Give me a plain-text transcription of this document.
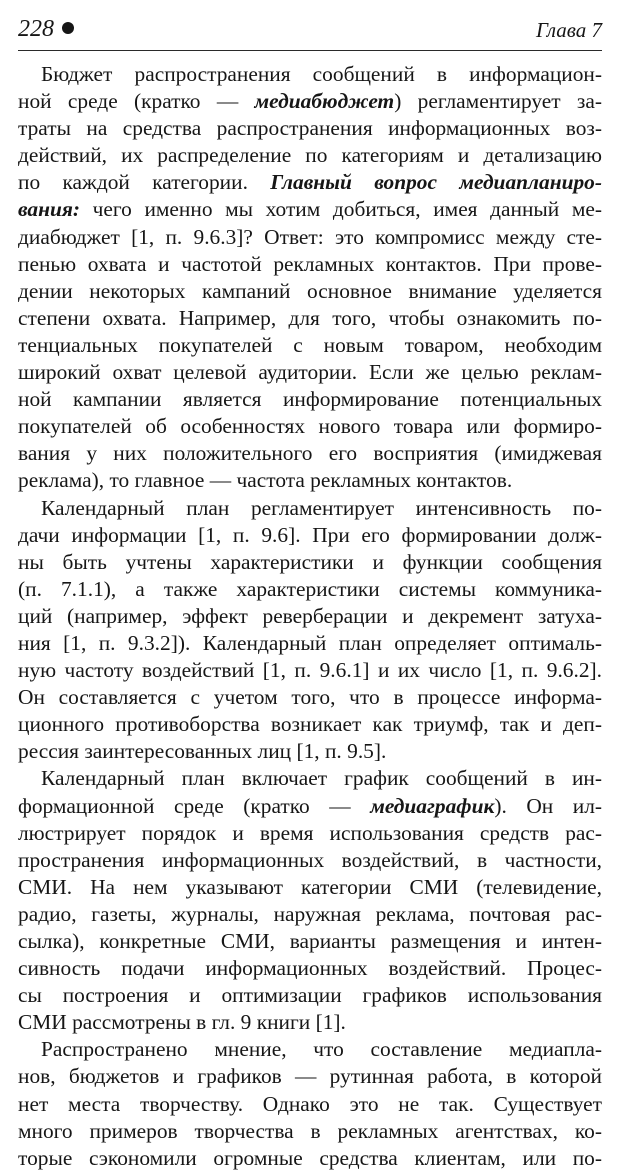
228	Глава 7
Бюджет распространения сообщений в информацион-
ной среде (кратко — медиабюджет) регламентирует за-
траты на средства распространения информационных воз-
действий, их распределение по категориям и детализацию
по каждой категории. Главный вопрос медиапланиро-
вания: чего именно мы хотим добиться, имея данный ме-
диабюджет [1, п. 9.6.3]? Ответ: это компромисс между сте-
пенью охвата и частотой рекламных контактов. При прове-
дении некоторых кампаний основное внимание уделяется
степени охвата. Например, для того, чтобы ознакомить по-
тенциальных покупателей с новым товаром, необходим
широкий охват целевой аудитории. Если же целью реклам-
ной кампании является информирование потенциальных
покупателей об особенностях нового товара или формиро-
вания у них положительного его восприятия (имиджевая
реклама), то главное — частота рекламных контактов.
Календарный план регламентирует интенсивность по-
дачи информации [1, п. 9.6]. При его формировании долж-
ны быть учтены характеристики и функции сообщения
(п. 7.1.1), а также характеристики системы коммуника-
ций (например, эффект реверберации и декремент затуха-
ния [1, п. 9.3.2]). Календарный план определяет оптималь-
ную частоту воздействий [1, п. 9.6.1] и их число [1, п. 9.6.2].
Он составляется с учетом того, что в процессе информа-
ционного противоборства возникает как триумф, так и деп-
рессия заинтересованных лиц [1, п. 9.5].
Календарный план включает график сообщений в ин-
формационной среде (кратко — медиаграфик). Он ил-
люстрирует порядок и время использования средств рас-
пространения информационных воздействий, в частности,
СМИ. На нем указывают категории СМИ (телевидение,
радио, газеты, журналы, наружная реклама, почтовая рас-
сылка), конкретные СМИ, варианты размещения и интен-
сивность подачи информационных воздействий. Процес-
сы построения и оптимизации графиков использования
СМИ рассмотрены в гл. 9 книги [1].
Распространено мнение, что составление медиапла-
нов, бюджетов и графиков — рутинная работа, в которой
нет места творчеству. Однако это не так. Существует
много примеров творчества в рекламных агентствах, ко-
торые сэкономили огромные средства клиентам, или по-
